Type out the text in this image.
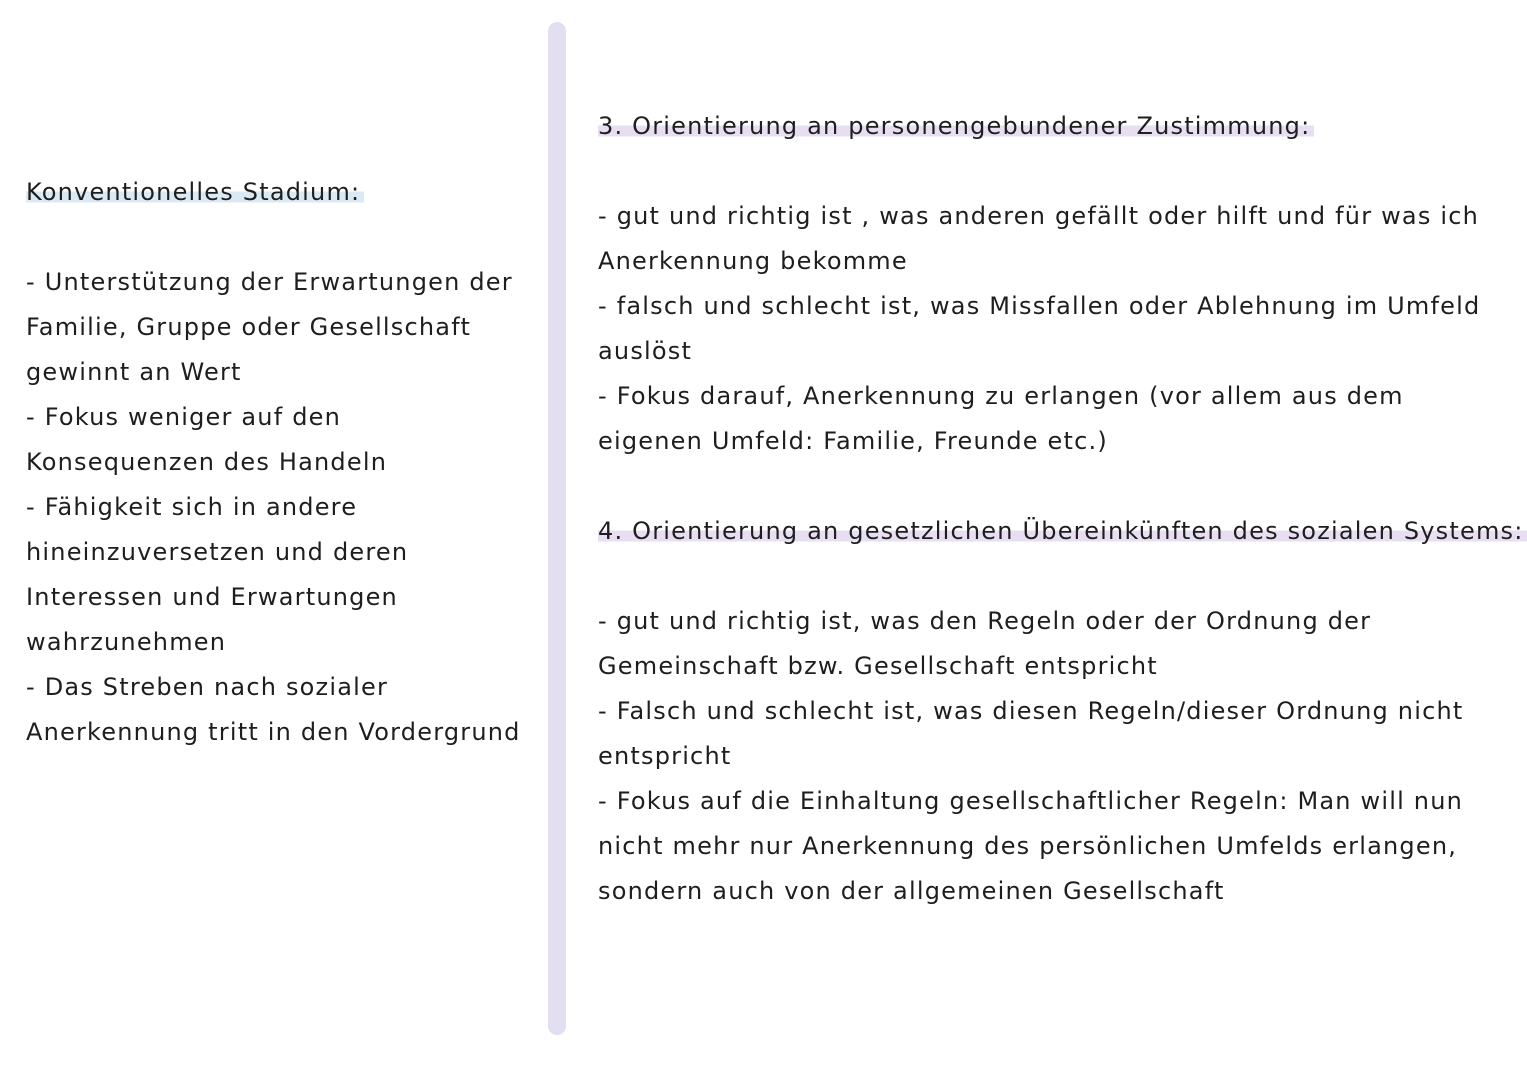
Konventionelles Stadium:

- Unterstützung der Erwartungen der Familie, Gruppe oder Gesellschaft gewinnt an Wert

- Fokus weniger auf den Konsequenzen des Handeln

- Fähigkeit sich in andere hineinzuversetzen und deren Interessen und Erwartungen wahrzunehmen

- Das Streben nach sozialer Anerkennung tritt in den Vordergrund

3. Orientierung an personengebundener Zustimmung:

- gut und richtig ist , was anderen gefällt oder hilft und für was ich Anerkennung bekomme

- falsch und schlecht ist, was Missfallen oder Ablehnung im Umfeld auslöst

- Fokus darauf, Anerkennung zu erlangen (vor allem aus dem eigenen Umfeld: Familie, Freunde etc.)

4. Orientierung an gesetzlichen Übereinkünften des sozialen Systems:

- gut und richtig ist, was den Regeln oder der Ordnung der Gemeinschaft bzw. Gesellschaft entspricht

- Falsch und schlecht ist, was diesen Regeln/dieser Ordnung nicht entspricht

- Fokus auf die Einhaltung gesellschaftlicher Regeln: Man will nun nicht mehr nur Anerkennung des persönlichen Umfelds erlangen, sondern auch von der allgemeinen Gesellschaft
